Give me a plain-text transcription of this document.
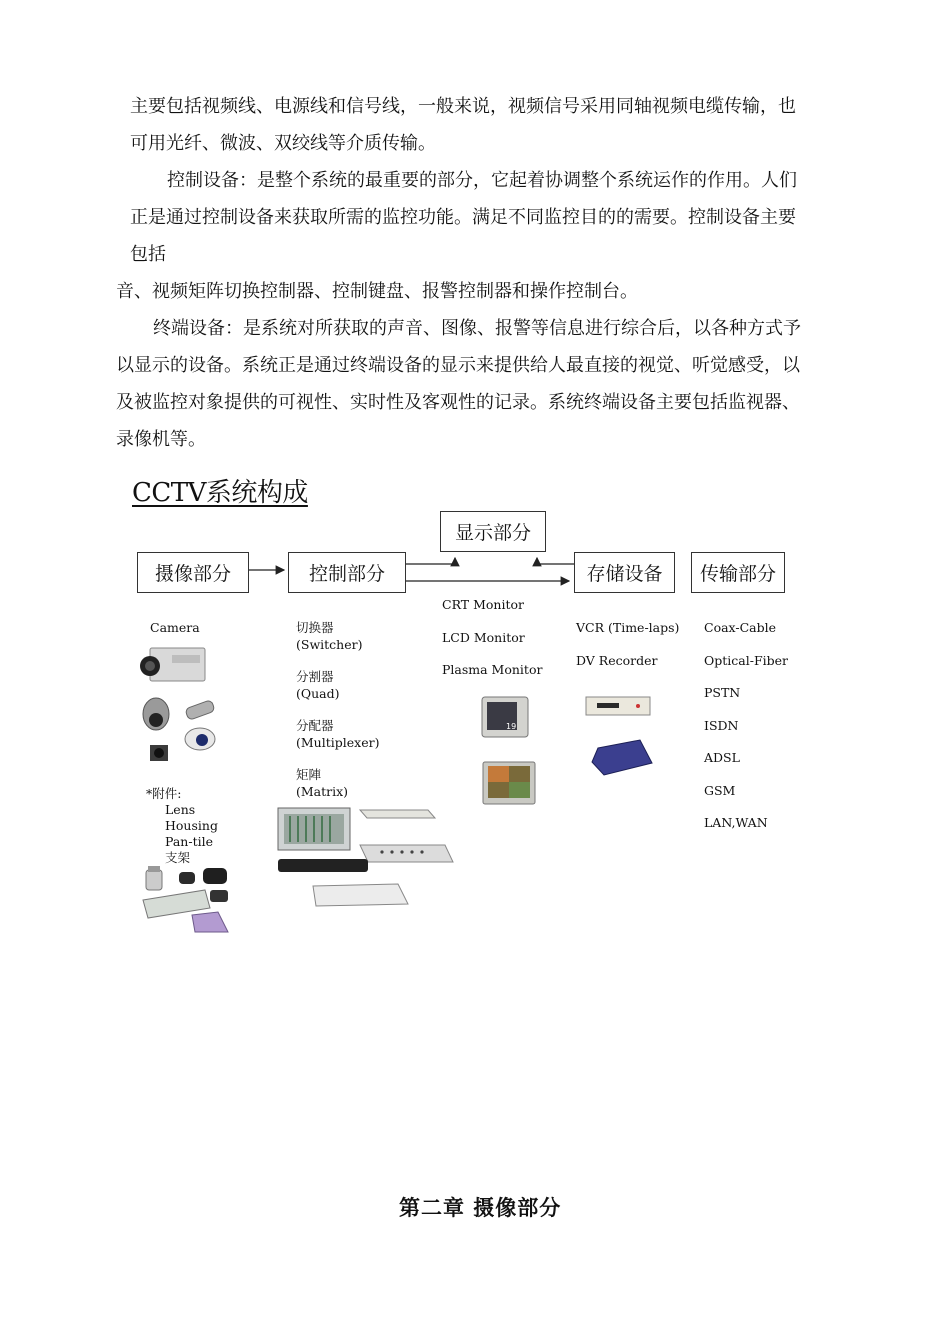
主要包括视频线、电源线和信号线，一般来说，视频信号采用同轴视频电缆传输，也
可用光纤、微波、双绞线等介质传输。
控制设备：是整个系统的最重要的部分，它起着协调整个系统运作的作用。人们
正是通过控制设备来获取所需的监控功能。满足不同监控目的的需要。控制设备主要
包括
音、视频矩阵切换控制器、控制键盘、报警控制器和操作控制台。
终端设备：是系统对所获取的声音、图像、报警等信息进行综合后，以各种方式予
以显示的设备。系统正是通过终端设备的显示来提供给人最直接的视觉、听觉感受，以
及被监控对象提供的可视性、实时性及客观性的记录。系统终端设备主要包括监视器、
录像机等。
CCTV系统构成
摄像部分	控制部分
显示部分
存储设备	传输部分
Camera
*附件:
Lens
Housing
Pan-tile
支架
切换器
(Switcher)
分割器
(Quad)
分配器
(Multiplexer)
矩陣
(Matrix)
CRT Monitor
LCD Monitor
Plasma Monitor
19
VCR (Time-laps)
DV Recorder
Coax-Cable
Optical-Fiber
PSTN
ISDN
ADSL
GSM
LAN,WAN
第二章 摄像部分
